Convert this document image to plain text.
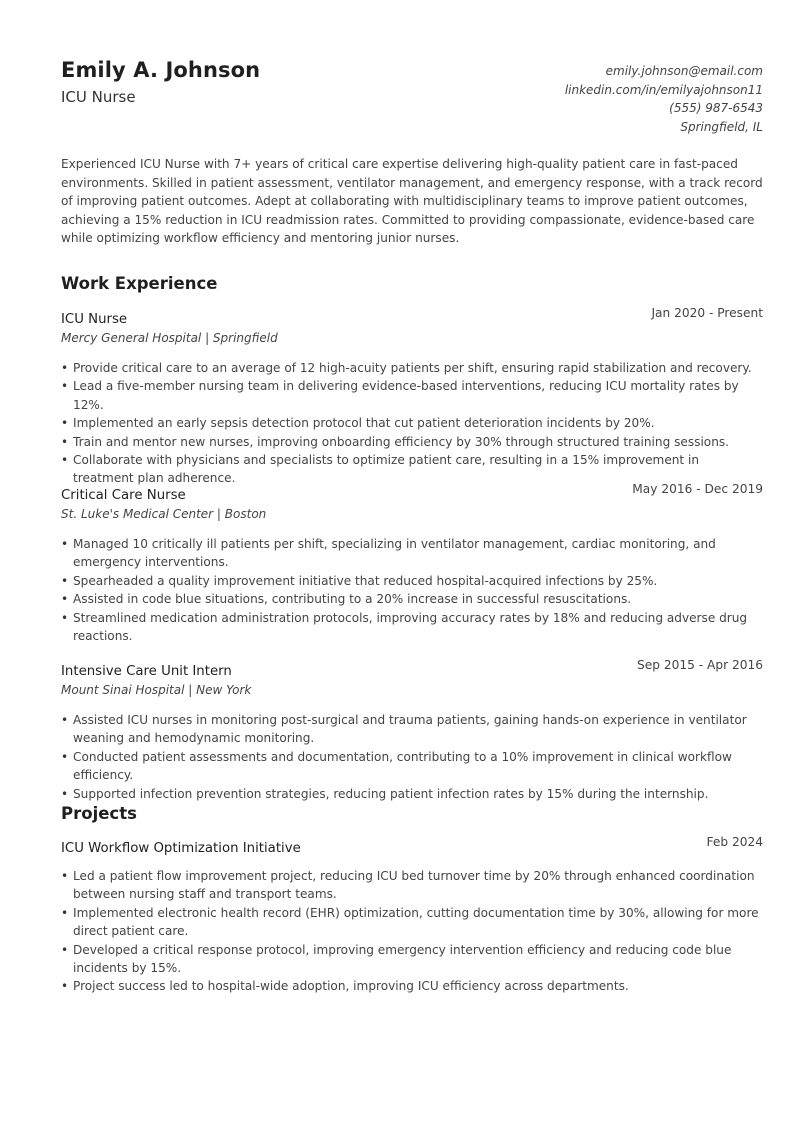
Emily A. Johnson
ICU Nurse
emily.johnson@email.com
linkedin.com/in/emilyajohnson11
(555) 987-6543
Springfield, IL

Experienced ICU Nurse with 7+ years of critical care expertise delivering high-quality patient care in fast-paced environments. Skilled in patient assessment, ventilator management, and emergency response, with a track record of improving patient outcomes. Adept at collaborating with multidisciplinary teams to improve patient outcomes, achieving a 15% reduction in ICU readmission rates. Committed to providing compassionate, evidence-based care while optimizing workflow efficiency and mentoring junior nurses.

Work Experience
ICU Nurse	Jan 2020 - Present
Mercy General Hospital | Springfield
• Provide critical care to an average of 12 high-acuity patients per shift, ensuring rapid stabilization and recovery.
• Lead a five-member nursing team in delivering evidence-based interventions, reducing ICU mortality rates by 12%.
• Implemented an early sepsis detection protocol that cut patient deterioration incidents by 20%.
• Train and mentor new nurses, improving onboarding efficiency by 30% through structured training sessions.
• Collaborate with physicians and specialists to optimize patient care, resulting in a 15% improvement in treatment plan adherence.
Critical Care Nurse	May 2016 - Dec 2019
St. Luke's Medical Center | Boston
• Managed 10 critically ill patients per shift, specializing in ventilator management, cardiac monitoring, and emergency interventions.
• Spearheaded a quality improvement initiative that reduced hospital-acquired infections by 25%.
• Assisted in code blue situations, contributing to a 20% increase in successful resuscitations.
• Streamlined medication administration protocols, improving accuracy rates by 18% and reducing adverse drug reactions.
Intensive Care Unit Intern	Sep 2015 - Apr 2016
Mount Sinai Hospital | New York
• Assisted ICU nurses in monitoring post-surgical and trauma patients, gaining hands-on experience in ventilator weaning and hemodynamic monitoring.
• Conducted patient assessments and documentation, contributing to a 10% improvement in clinical workflow efficiency.
• Supported infection prevention strategies, reducing patient infection rates by 15% during the internship.
Projects
ICU Workflow Optimization Initiative	Feb 2024
• Led a patient flow improvement project, reducing ICU bed turnover time by 20% through enhanced coordination between nursing staff and transport teams.
• Implemented electronic health record (EHR) optimization, cutting documentation time by 30%, allowing for more direct patient care.
• Developed a critical response protocol, improving emergency intervention efficiency and reducing code blue incidents by 15%.
• Project success led to hospital-wide adoption, improving ICU efficiency across departments.
